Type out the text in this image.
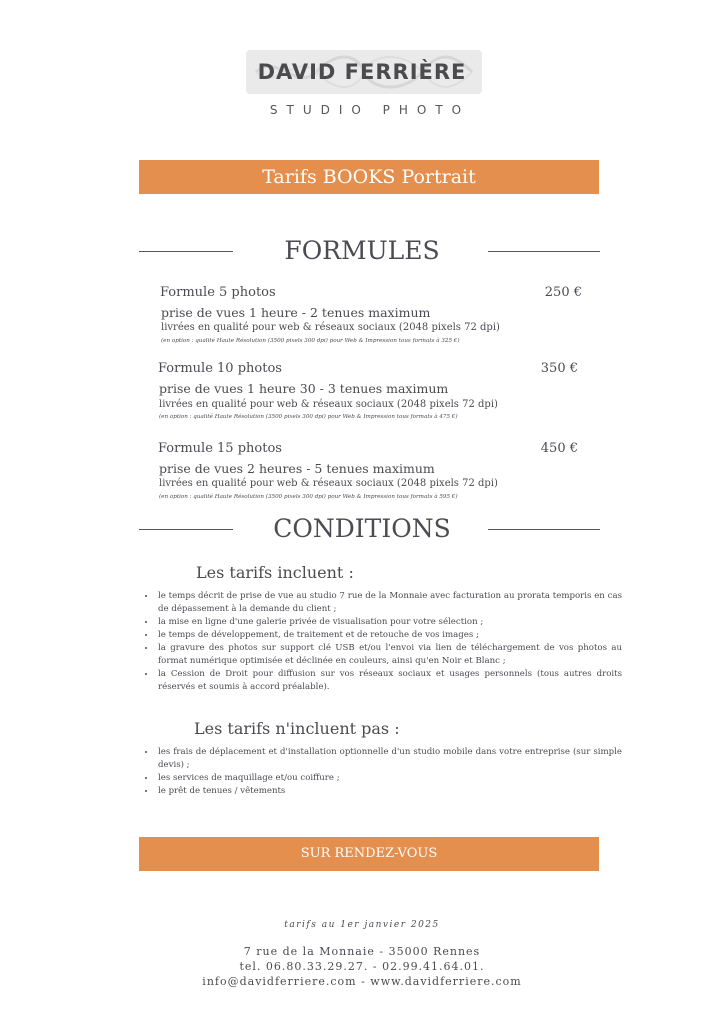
DAVID FERRIÈRE
STUDIO PHOTO
Tarifs BOOKS Portrait
FORMULES
Formule 5 photos	250 €
prise de vues 1 heure - 2 tenues maximum
livrées en qualité pour web & réseaux sociaux (2048 pixels 72 dpi)
(en option : qualité Haute Résolution (3500 pixels 300 dpi) pour Web & Impression tous formats à 325 €)
Formule 10 photos	350 €
prise de vues 1 heure 30 - 3 tenues maximum
livrées en qualité pour web & réseaux sociaux (2048 pixels 72 dpi)
(en option : qualité Haute Résolution (3500 pixels 300 dpi) pour Web & Impression tous formats à 475 €)
Formule 15 photos	450 €
prise de vues 2 heures - 5 tenues maximum
livrées en qualité pour web & réseaux sociaux (2048 pixels 72 dpi)
(en option : qualité Haute Résolution (3500 pixels 300 dpi) pour Web & Impression tous formats à 595 €)
CONDITIONS
Les tarifs incluent :
• le temps décrit de prise de vue au studio 7 rue de la Monnaie avec facturation au prorata temporis en cas de dépassement à la demande du client ;
• la mise en ligne d'une galerie privée de visualisation pour votre sélection ;
• le temps de développement, de traitement et de retouche de vos images ;
• la gravure des photos sur support clé USB et/ou l'envoi via lien de téléchargement de vos photos au format numérique optimisée et déclinée en couleurs, ainsi qu'en Noir et Blanc ;
• la Cession de Droit pour diffusion sur vos réseaux sociaux et usages personnels (tous autres droits réservés et soumis à accord préalable).
Les tarifs n'incluent pas :
• les frais de déplacement et d'installation optionnelle d'un studio mobile dans votre entreprise (sur simple devis) ;
• les services de maquillage et/ou coiffure ;
• le prêt de tenues / vêtements
SUR RENDEZ-VOUS
tarifs au 1er janvier 2025
7 rue de la Monnaie - 35000 Rennes
tel. 06.80.33.29.27. - 02.99.41.64.01.
info@davidferriere.com - www.davidferriere.com
